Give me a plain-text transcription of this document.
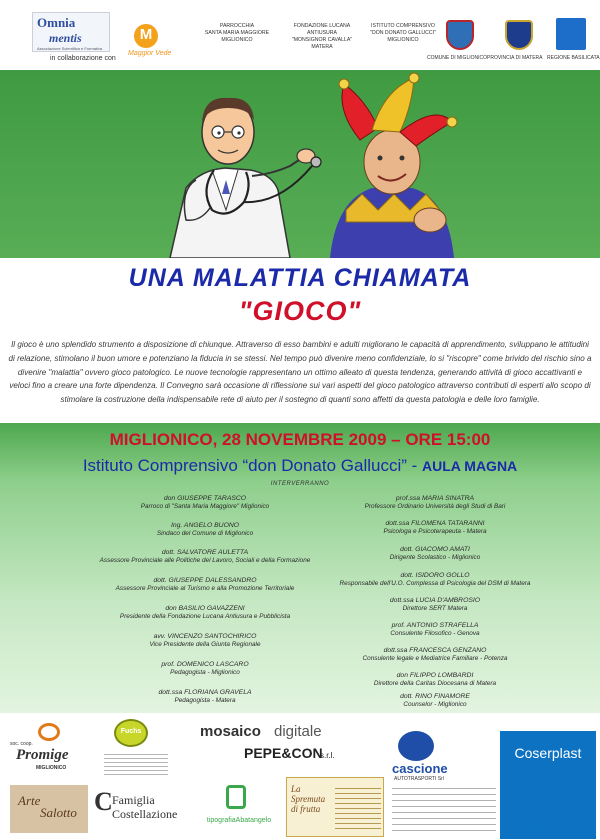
Omnia
mentis
Associazione Scientifica e Formativa
in collaborazione con
M
Maggior Vede
PARROCCHIA
SANTA MARIA MAGGIORE
MIGLIONICO
FONDAZIONE LUCANA ANTIUSURA
"MONSIGNOR CAVALLA"
MATERA
ISTITUTO COMPRENSIVO
"DON DONATO GALLUCCI"
MIGLIONICO
COMUNE DI MIGLIONICO PROVINCIA DI MATERA REGIONE BASILICATA
UNA MALATTIA CHIAMATA
"GIOCO"

Il gioco è uno splendido strumento a disposizione di chiunque. Attraverso di esso bambini e adulti migliorano le capacità di apprendimento, sviluppano le attitudini di relazione, stimolano il buon umore e potenziano la fiducia in se stessi. Nel tempo può divenire meno confidenziale, lo si "riscopre" come brivido del rischio sino a divenire "malattia" ovvero gioco patologico. Le nuove tecnologie rappresentano un ottimo alleato di questa tendenza, generando attività di gioco accattivanti e veloci fino a creare una forte dipendenza. Il Convegno sarà occasione di riflessione sui vari aspetti del gioco patologico attraverso contributi di esperti allo scopo di stimolare la costruzione della indispensabile rete di aiuto per il sostegno di quanti sono affetti da questa patologia e delle loro famiglie.

MIGLIONICO, 28 NOVEMBRE 2009 – ORE 15:00
Istituto Comprensivo “don Donato Gallucci” - AULA MAGNA
INTERVERRANNO
don GIUSEPPE TARASCO
Parroco di "Santa Maria Maggiore" Miglionico
Ing. ANGELO BUONO
Sindaco del Comune di Miglionico
dott. SALVATORE AULETTA
Assessore Provinciale alle Politiche del Lavoro, Sociali e della Formazione
dott. GIUSEPPE DALESSANDRO
Assessore Provinciale al Turismo e alla Promozione Territoriale
don BASILIO GAVAZZENI
Presidente della Fondazione Lucana Antiusura e Pubblicista
avv. VINCENZO SANTOCHIRICO
Vice Presidente della Giunta Regionale
prof. DOMENICO LASCARO
Pedagogista - Miglionico
dott.ssa FLORIANA GRAVELA
Pedagogista - Matera
prof.ssa MARIA SINATRA
Professore Ordinario Università degli Studi di Bari
dott.ssa FILOMENA TATARANNI
Psicologa e Psicoterapeuta - Matera
dott. GIACOMO AMATI
Dirigente Scolastico - Miglionico
dott. ISIDORO GOLLO
Responsabile dell'U.O. Complessa di Psicologia del DSM di Matera
dott.ssa LUCIA D'AMBROSIO
Direttore SERT Matera
prof. ANTONIO STRAFELLA
Consulente Filosofico - Genova
dott.ssa FRANCESCA GENZANO
Consulente legale e Mediatrice Familiare - Potenza
don FILIPPO LOMBARDI
Direttore della Caritas Diocesana di Matera
dott. RINO FINAMORE
Counselor - Miglionico
soc. coop.
Promige
MIGLIONICO
Fuchs	mosaico digitale
PEPE&CON
s.r.l.
cascione
AUTOTRASPORTI Srl
Coserplast
SERRAMENTI E FINESTRE
Arte
Salotto C Famiglia
Costellazione	tipografiaAbatangelo
La Spremuta di frutta
